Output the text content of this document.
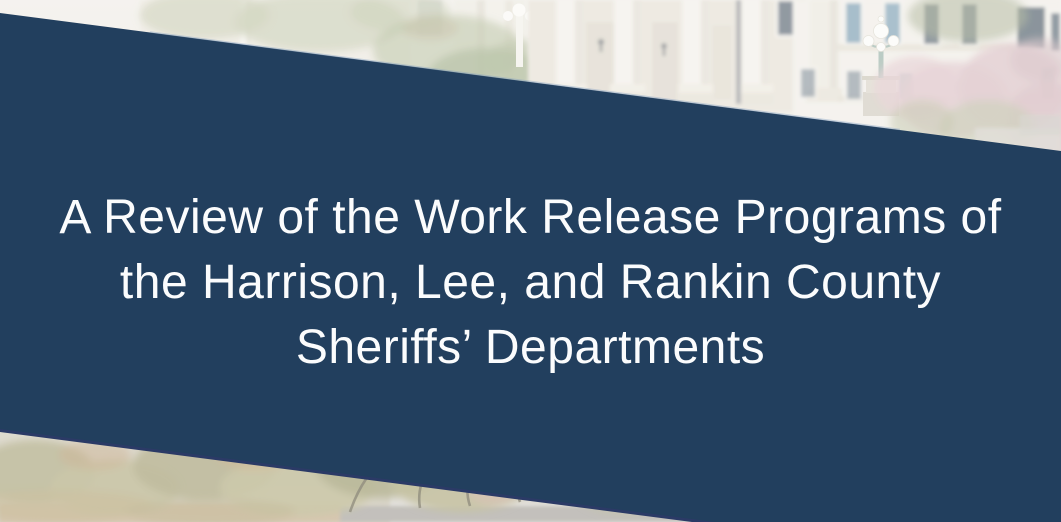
A Review of the Work Release Programs of
the Harrison, Lee, and Rankin County
Sheriffs’ Departments
